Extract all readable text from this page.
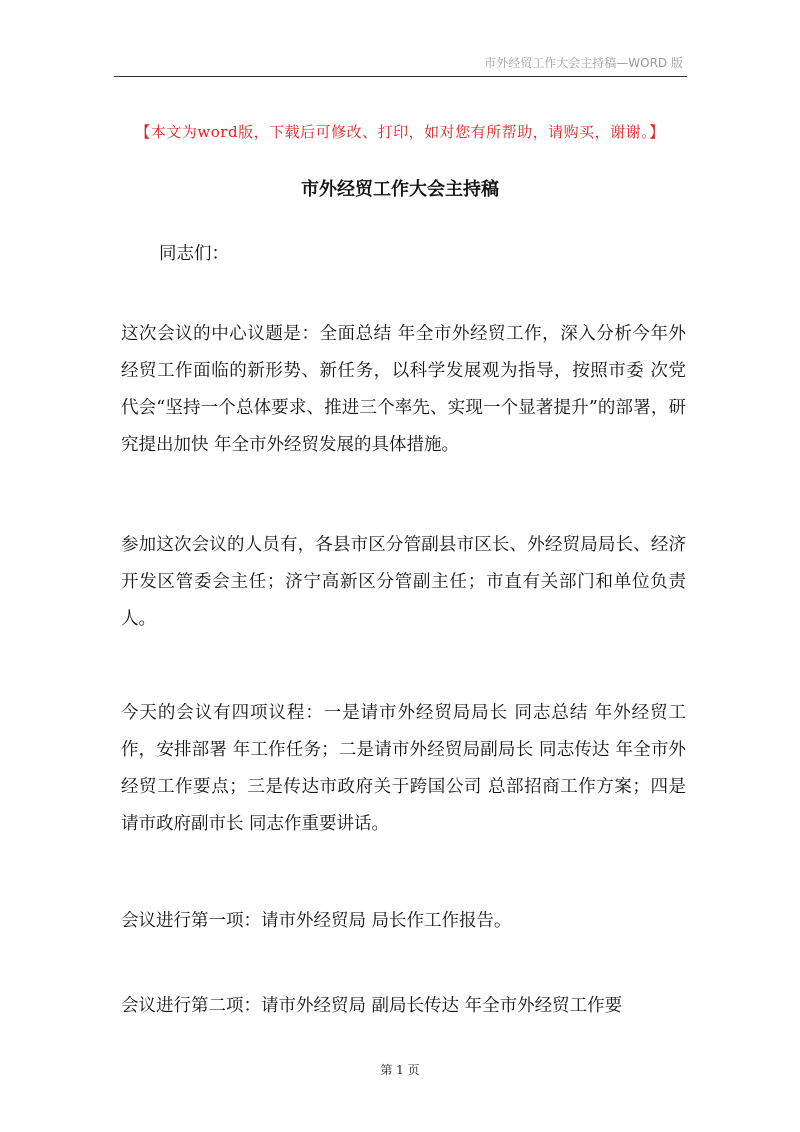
市外经贸工作大会主持稿—WORD 版
【本文为word版，下载后可修改、打印，如对您有所帮助，请购买，谢谢。】
市外经贸工作大会主持稿

同志们：

这次会议的中心议题是：全面总结 年全市外经贸工作，深入分析今年外经贸工作面临的新形势、新任务，以科学发展观为指导，按照市委 次党代会“坚持一个总体要求、推进三个率先、实现一个显著提升”的部署，研究提出加快 年全市外经贸发展的具体措施。

参加这次会议的人员有，各县市区分管副县市区长、外经贸局局长、经济开发区管委会主任；济宁高新区分管副主任；市直有关部门和单位负责人。

今天的会议有四项议程：一是请市外经贸局局长 同志总结 年外经贸工作，安排部署 年工作任务；二是请市外经贸局副局长 同志传达 年全市外经贸工作要点；三是传达市政府关于跨国公司 总部招商工作方案；四是请市政府副市长 同志作重要讲话。

会议进行第一项：请市外经贸局 局长作工作报告。

会议进行第二项：请市外经贸局 副局长传达 年全市外经贸工作要

第 1 页
